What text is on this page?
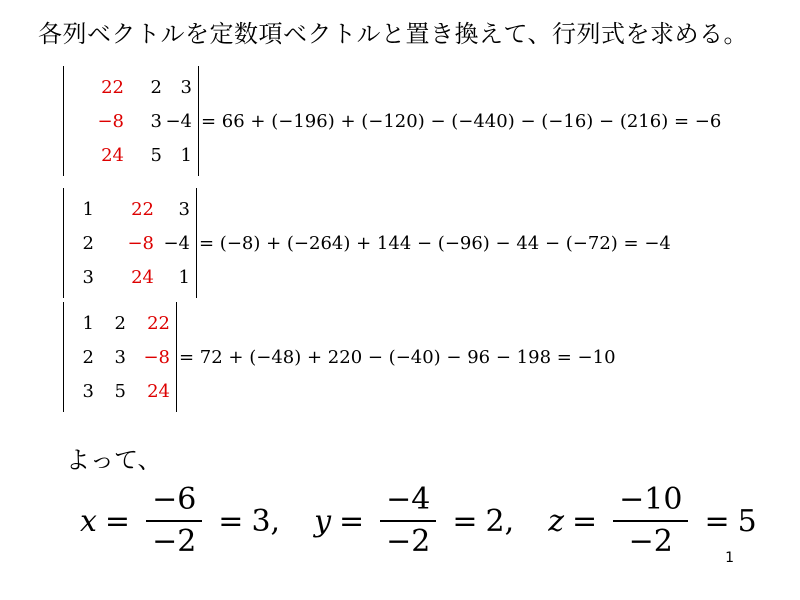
各列ベクトルを定数項ベクトルと置き換えて、行列式を求める。
22	2	3
−8	3 −4
24	5	1
= 66 + (−196) + (−120) − (−440) − (−16) − (216) = −6
1	22	3
2	−8 −4
3	24	1
= (−8) + (−264) + 144 − (−96) − 44 − (−72) = −4
1	2	22
2	3 −8
3	5	24
= 72 + (−48) + 220 − (−40) − 96 − 198 = −10
よって、
$x = \frac{-6}{-2} = 3$ , $y = \frac{-4}{-2} = 2$ , $z = \frac{-10}{-2} = 5$
1
